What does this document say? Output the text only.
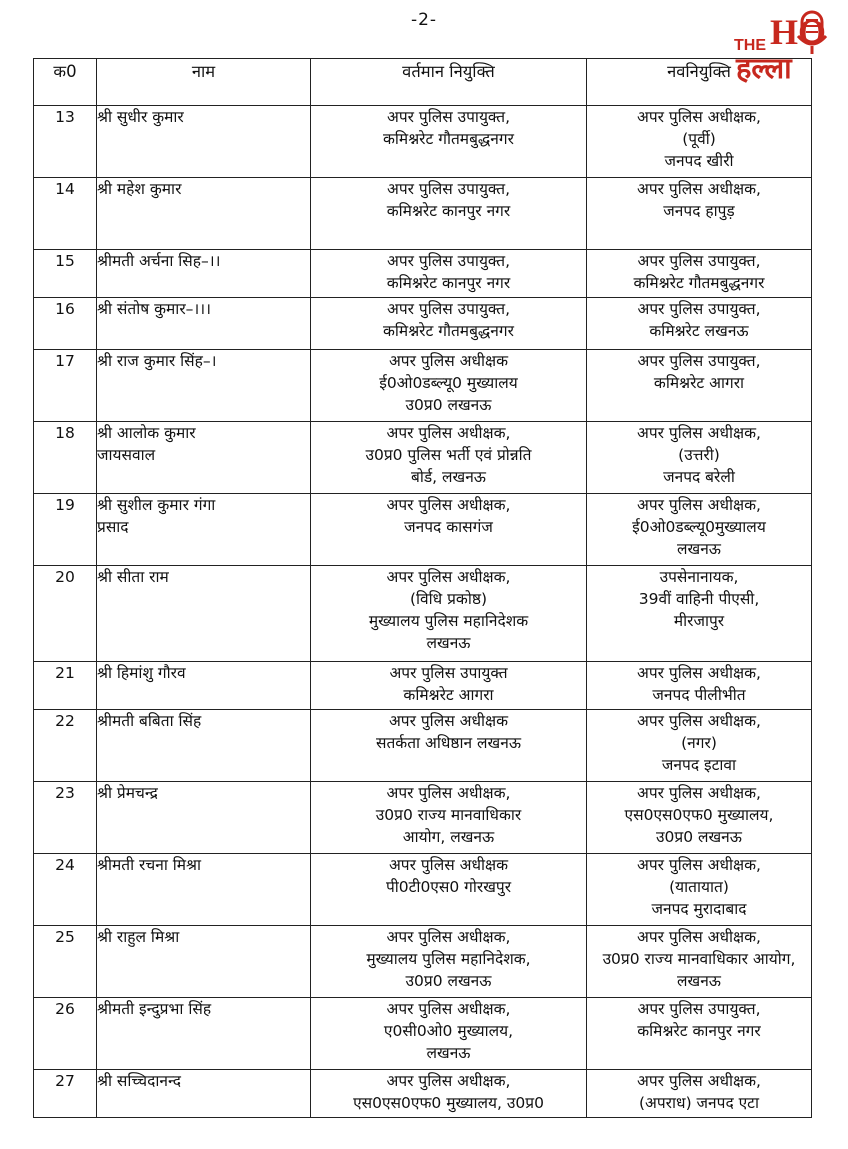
-2-
THE HO
हल्ला
क0	नाम	वर्तमान नियुक्ति	नवनियुक्ति
13	श्री सुधीर कुमार	अपर पुलिस उपायुक्त,
कमिश्नरेट गौतमबुद्धनगर	अपर पुलिस अधीक्षक,
(पूर्वी)
जनपद खीरी

14	श्री महेश कुमार	अपर पुलिस उपायुक्त,
कमिश्नरेट कानपुर नगर	अपर पुलिस अधीक्षक,
जनपद हापुड़

15	श्रीमती अर्चना सिह–।।	अपर पुलिस उपायुक्त,
कमिश्नरेट कानपुर नगर	अपर पुलिस उपायुक्त,
कमिश्नरेट गौतमबुद्धनगर

16	श्री संतोष कुमार–।।।	अपर पुलिस उपायुक्त,
कमिश्नरेट गौतमबुद्धनगर	अपर पुलिस उपायुक्त,
कमिश्नरेट लखनऊ

17	श्री राज कुमार सिंह–।	अपर पुलिस अधीक्षक
ई0ओ0डब्ल्यू0 मुख्यालय
उ0प्र0 लखनऊ	अपर पुलिस उपायुक्त,
कमिश्नरेट आगरा

18	श्री आलोक कुमार
जायसवाल	अपर पुलिस अधीक्षक,
उ0प्र0 पुलिस भर्ती एवं प्रोन्नति
बोर्ड, लखनऊ	अपर पुलिस अधीक्षक,
(उत्तरी)
जनपद बरेली

19	श्री सुशील कुमार गंगा
प्रसाद	अपर पुलिस अधीक्षक,
जनपद कासगंज	अपर पुलिस अधीक्षक,
ई0ओ0डब्ल्यू0मुख्यालय
लखनऊ

20	श्री सीता राम	अपर पुलिस अधीक्षक,
(विधि प्रकोष्ठ)
मुख्यालय पुलिस महानिदेशक
लखनऊ	उपसेनानायक,
39वीं वाहिनी पीएसी,
मीरजापुर

21	श्री हिमांशु गौरव	अपर पुलिस उपायुक्त
कमिश्नरेट आगरा	अपर पुलिस अधीक्षक,
जनपद पीलीभीत

22	श्रीमती बबिता सिंह	अपर पुलिस अधीक्षक
सतर्कता अधिष्ठान लखनऊ	अपर पुलिस अधीक्षक,
(नगर)
जनपद इटावा

23	श्री प्रेमचन्द्र	अपर पुलिस अधीक्षक,
उ0प्र0 राज्य मानवाधिकार
आयोग, लखनऊ	अपर पुलिस अधीक्षक,
एस0एस0एफ0 मुख्यालय,
उ0प्र0 लखनऊ

24	श्रीमती रचना मिश्रा	अपर पुलिस अधीक्षक
पी0टी0एस0 गोरखपुर	अपर पुलिस अधीक्षक,
(यातायात)
जनपद मुरादाबाद

25	श्री राहुल मिश्रा	अपर पुलिस अधीक्षक,
मुख्यालय पुलिस महानिदेशक,
उ0प्र0 लखनऊ	अपर पुलिस अधीक्षक,
उ0प्र0 राज्य मानवाधिकार आयोग,
लखनऊ

26	श्रीमती इन्दुप्रभा सिंह	अपर पुलिस अधीक्षक,
ए0सी0ओ0 मुख्यालय,
लखनऊ	अपर पुलिस उपायुक्त,
कमिश्नरेट कानपुर नगर

27	श्री सच्चिदानन्द	अपर पुलिस अधीक्षक,
एस0एस0एफ0 मुख्यालय, उ0प्र0	अपर पुलिस अधीक्षक,
(अपराध) जनपद एटा
